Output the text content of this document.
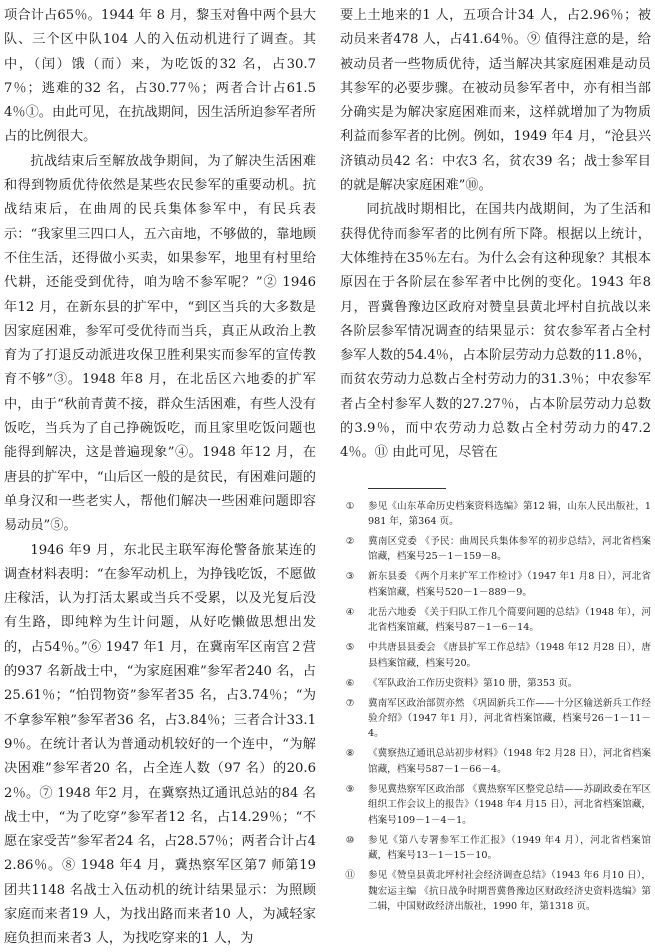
项合计占65％。1944 年 8 月，黎玉对鲁中两个县大队、三个区中队104 人的入伍动机进行了调查。其中，（闰）饿（而）来，为吃饭的32 名，占30.77％；逃难的32 名，占30.77％；两者合计占61.54％①。由此可见，在抗战期间，因生活所迫参军者所占的比例很大。

抗战结束后至解放战争期间，为了解决生活困难和得到物质优待依然是某些农民参军的重要动机。抗战结束后，在曲周的民兵集体参军中，有民兵表示：“我家里三四口人，五六亩地，不够做的，靠地顾不住生活，还得做小买卖，如果参军，地里有村里给代耕，还能受到优待，咱为啥不参军呢？”② 1946 年12 月，在新东县的扩军中，“到区当兵的大多数是因家庭困难，参军可受优待而当兵，真正从政治上教育为了打退反动派进攻保卫胜利果实而参军的宣传教育不够”③。1948 年8 月，在北岳区六地委的扩军中，由于“秋前青黄不接，群众生活困难，有些人没有饭吃，当兵为了自己挣碗饭吃，而且家里吃饭问题也能得到解决，这是普遍现象”④。1948 年12 月，在唐县的扩军中，“山后区一般的是贫民，有困难问题的单身汉和一些老实人，帮他们解决一些困难问题即容易动员”⑤。

1946 年9 月，东北民主联军海伦警备旅某连的调查材料表明：“在参军动机上，为挣钱吃饭，不愿做庄稼活，认为打活太累或当兵不受累，以及光复后没有生路，即纯粹为生计问题，从好吃懒做思想出发的，占54％。”⑥ 1947 年1 月，在冀南军区南宫２营的937 名新战士中，“为家庭困难”参军者240 名，占25.61％；“怕罚物资”参军者35 名，占3.74％；“为不拿参军粮”参军者36 名，占3.84％；三者合计33.19％。在统计者认为普通动机较好的一个连中，“为解决困难”参军者20 名，占全连人数（97 名）的20.62％。⑦ 1948 年2 月，在冀察热辽通讯总站的84 名战士中，“为了吃穿”参军者12 名，占14.29％；“不愿在家受苦”参军者24 名，占28.57％；两者合计占42.86％。⑧ 1948 年4 月，冀热察军区第7 师第19 团共1148 名战士入伍动机的统计结果显示：为照顾家庭而来者19 人，为找出路而来者10 人，为减轻家庭负担而来者3 人，为找吃穿来的1 人，为

要上土地来的1 人，五项合计34 人，占2.96％；被动员来者478 人，占41.64％。⑨ 值得注意的是，给被动员者一些物质优待，适当解决其家庭困难是动员其参军的必要步骤。在被动员参军者中，亦有相当部分确实是为解决家庭困难而来，这样就增加了为物质利益而参军者的比例。例如，1949 年4 月，“沧县兴济镇动员42 名：中农3 名，贫农39 名；战士参军目的就是解决家庭困难”⑩。

同抗战时期相比，在国共内战期间，为了生活和获得优待而参军者的比例有所下降。根据以上统计，大体维持在35％左右。为什么会有这种现象？其根本原因在于各阶层在参军者中比例的变化。1943 年8 月，晋冀鲁豫边区政府对赞皇县黄北坪村自抗战以来各阶层参军情况调查的结果显示：贫农参军者占全村参军人数的54.4％，占本阶层劳动力总数的11.8％，而贫农劳动力总数占全村劳动力的31.3％；中农参军者占全村参军人数的27.27％，占本阶层劳动力总数的3.9％，而中农劳动力总数占全村劳动力的47.24％。⑪ 由此可见，尽管在

①	参见《山东革命历史档案资料选编》第12 辑，山东人民出版社，1981 年，第364 页。
②	冀南区党委 《予民：曲周民兵集体参军的初步总结》，河北省档案馆藏，档案号25－1－159－8。
③	新东县委 《两个月来扩军工作检讨》（1947 年1 月8 日），河北省档案馆藏，档案号520－1－889－9。
④	北岳六地委 《关于归队工作几个简要问题的总结》（1948 年），河北省档案馆藏，档案号87－1－6－14。
⑤	中共唐县县委会 《唐县扩军工作总结》（1948 年12 月28 日），唐县档案馆藏，档案号20。
⑥	《军队政治工作历史资料》第10 册，第353 页。
⑦	冀南军区政治部贺亦然 《巩固新兵工作——十分区输送新兵工作经验介绍》（1947 年1 月），河北省档案馆藏，档案号26－1－11－4。
⑧	《冀察热辽通讯总站初步材料》（1948 年2 月28 日），河北省档案馆藏，档案号587－1－66－4。
⑨	参见冀热察军区政治部 《冀热察军区整党总结——苏副政委在军区组织工作会议上的报告》（1948 年4 月15 日），河北省档案馆藏，档案号109－1－4－1。
⑩	参见《第八专署参军工作汇报》（1949 年4 月），河北省档案馆藏，档案号13－1－15－10。
⑪	参见《赞皇县黄北坪村社会经济调查总结》（1943 年6 月10 日），魏宏运主编 《抗日战争时期晋冀鲁豫边区财政经济史资料选编》第二辑，中国财政经济出版社，1990 年，第1318 页。
